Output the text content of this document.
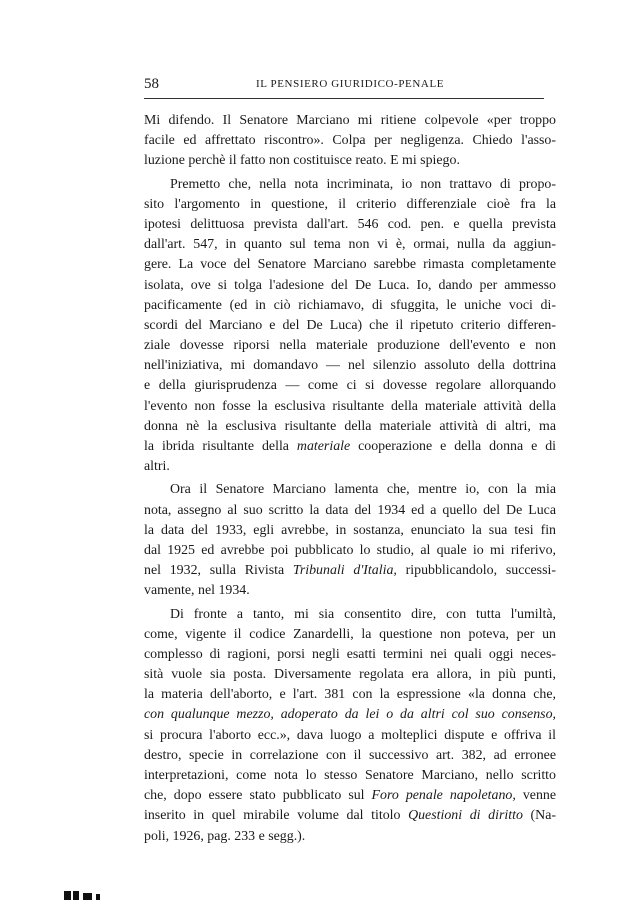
58	IL PENSIERO GIURIDICO-PENALE
Mi difendo. Il Senatore Marciano mi ritiene colpevole «per troppo
facile ed affrettato riscontro». Colpa per negligenza. Chiedo l'asso-
luzione perchè il fatto non costituisce reato. E mi spiego.
Premetto che, nella nota incriminata, io non trattavo di propo-
sito l'argomento in questione, il criterio differenziale cioè fra la
ipotesi delittuosa prevista dall'art. 546 cod. pen. e quella prevista
dall'art. 547, in quanto sul tema non vi è, ormai, nulla da aggiun-
gere. La voce del Senatore Marciano sarebbe rimasta completamente
isolata, ove si tolga l'adesione del De Luca. Io, dando per ammesso
pacificamente (ed in ciò richiamavo, di sfuggita, le uniche voci di-
scordi del Marciano e del De Luca) che il ripetuto criterio differen-
ziale dovesse riporsi nella materiale produzione dell'evento e non
nell'iniziativa, mi domandavo — nel silenzio assoluto della dottrina
e della giurisprudenza — come ci si dovesse regolare allorquando
l'evento non fosse la esclusiva risultante della materiale attività della
donna nè la esclusiva risultante della materiale attività di altri, ma
la ibrida risultante della materiale cooperazione e della donna e di
altri.
Ora il Senatore Marciano lamenta che, mentre io, con la mia
nota, assegno al suo scritto la data del 1934 ed a quello del De Luca
la data del 1933, egli avrebbe, in sostanza, enunciato la sua tesi fin
dal 1925 ed avrebbe poi pubblicato lo studio, al quale io mi riferivo,
nel 1932, sulla Rivista Tribunali d'Italia, ripubblicandolo, successi-
vamente, nel 1934.
Di fronte a tanto, mi sia consentito dire, con tutta l'umiltà,
come, vigente il codice Zanardelli, la questione non poteva, per un
complesso di ragioni, porsi negli esatti termini nei quali oggi neces-
sità vuole sia posta. Diversamente regolata era allora, in più punti,
la materia dell'aborto, e l'art. 381 con la espressione «la donna che,
con qualunque mezzo, adoperato da lei o da altri col suo consenso,
si procura l'aborto ecc.», dava luogo a molteplici dispute e offriva il
destro, specie in correlazione con il successivo art. 382, ad erronee
interpretazioni, come nota lo stesso Senatore Marciano, nello scritto
che, dopo essere stato pubblicato sul Foro penale napoletano, venne
inserito in quel mirabile volume dal titolo Questioni di diritto (Na-
poli, 1926, pag. 233 e segg.).
